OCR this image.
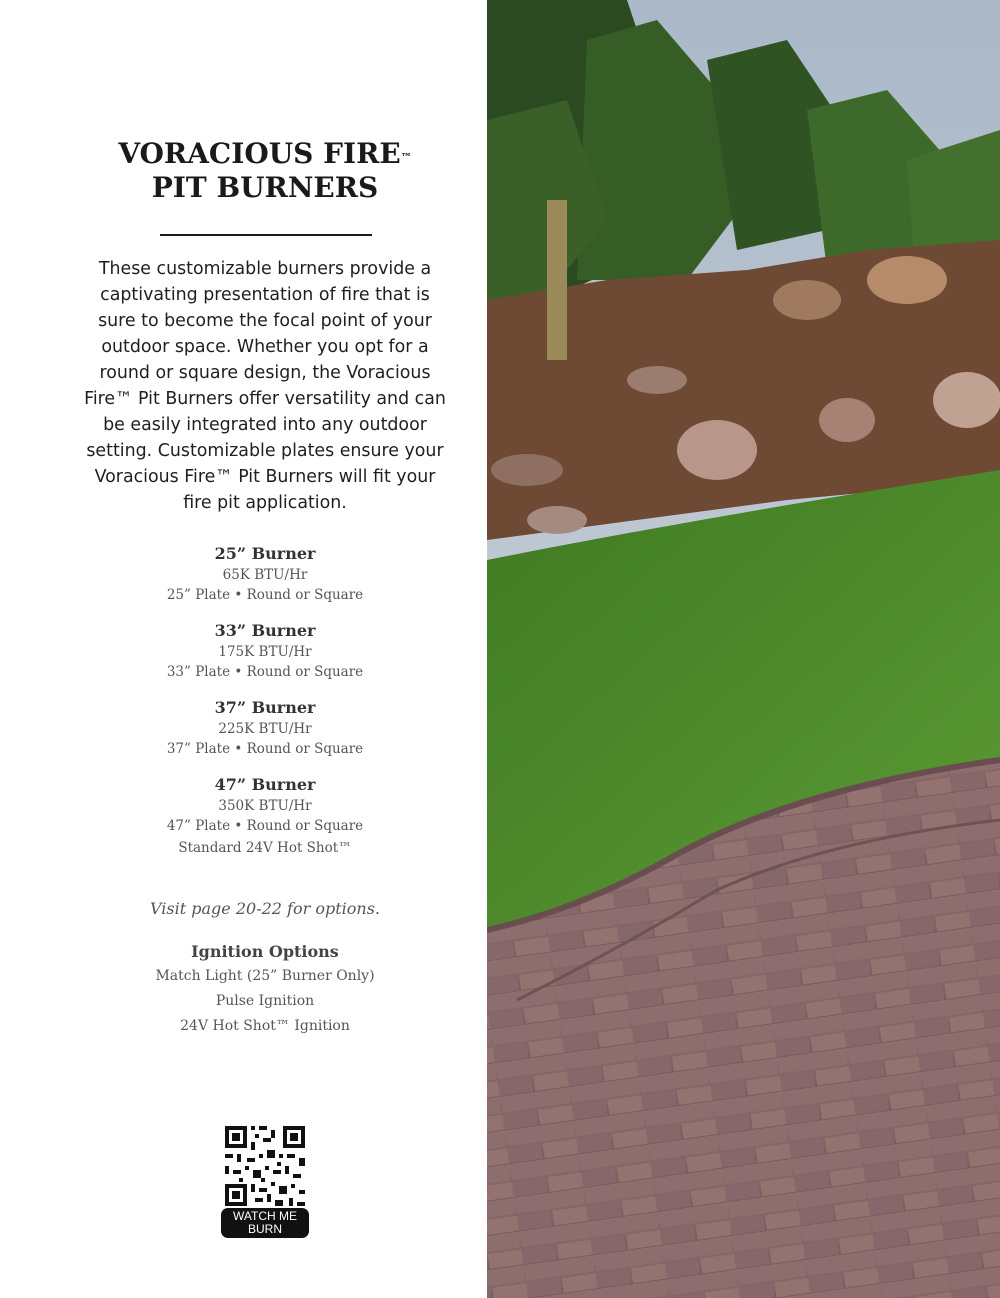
VORACIOUS FIRE™
PIT BURNERS

These customizable burners provide a captivating presentation of fire that is sure to become the focal point of your outdoor space. Whether you opt for a round or square design, the Voracious Fire™ Pit Burners offer versatility and can be easily integrated into any outdoor setting. Customizable plates ensure your Voracious Fire™ Pit Burners will fit your fire pit application.

25” Burner
65K BTU/Hr
25” Plate • Round or Square
33” Burner
175K BTU/Hr
33” Plate • Round or Square
37” Burner
225K BTU/Hr
37” Plate • Round or Square
47” Burner
350K BTU/Hr
47” Plate • Round or Square
Standard 24V Hot Shot™
Visit page 20-22 for options.
Ignition Options
Match Light (25” Burner Only)
Pulse Ignition
24V Hot Shot™ Ignition
WATCH ME
BURN
